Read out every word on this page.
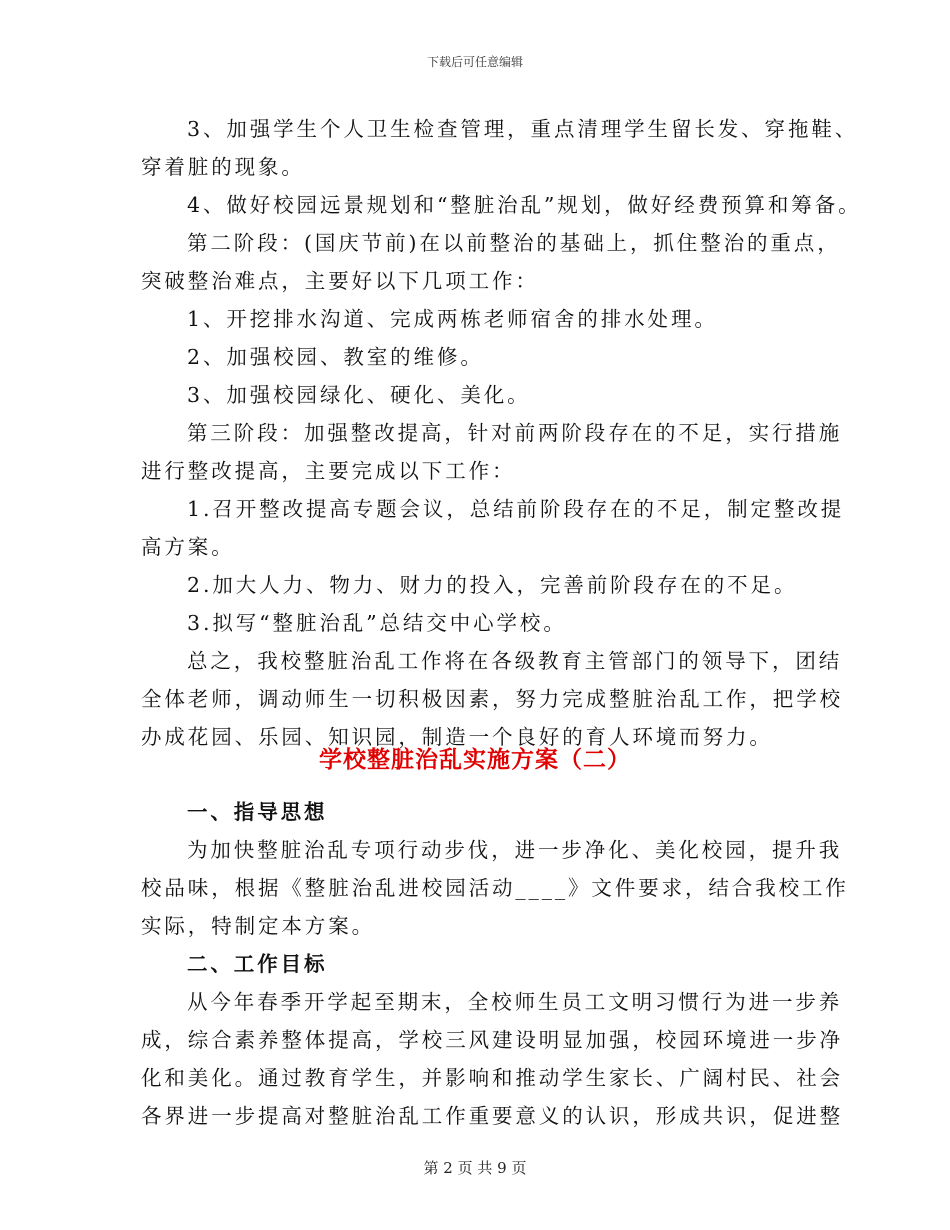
下载后可任意编辑
3、加强学生个人卫生检查管理，重点清理学生留长发、穿拖鞋、
穿着脏的现象。
4、做好校园远景规划和“整脏治乱”规划，做好经费预算和筹备。
第二阶段：(国庆节前)在以前整治的基础上，抓住整治的重点，
突破整治难点，主要好以下几项工作：
1、开挖排水沟道、完成两栋老师宿舍的排水处理。
2、加强校园、教室的维修。
3、加强校园绿化、硬化、美化。
第三阶段：加强整改提高，针对前两阶段存在的不足，实行措施
进行整改提高，主要完成以下工作：
1.召开整改提高专题会议，总结前阶段存在的不足，制定整改提
高方案。
2.加大人力、物力、财力的投入，完善前阶段存在的不足。
3.拟写“整脏治乱”总结交中心学校。
总之，我校整脏治乱工作将在各级教育主管部门的领导下，团结
全体老师，调动师生一切积极因素，努力完成整脏治乱工作，把学校
办成花园、乐园、知识园，制造一个良好的育人环境而努力。
学校整脏治乱实施方案（二）
一、指导思想
为加快整脏治乱专项行动步伐，进一步净化、美化校园，提升我
校品味，根据《整脏治乱进校园活动____》文件要求，结合我校工作
实际，特制定本方案。
二、工作目标
从今年春季开学起至期末，全校师生员工文明习惯行为进一步养
成，综合素养整体提高，学校三风建设明显加强，校园环境进一步净
化和美化。通过教育学生，并影响和推动学生家长、广阔村民、社会
各界进一步提高对整脏治乱工作重要意义的认识，形成共识，促进整
第 2 页 共 9 页
